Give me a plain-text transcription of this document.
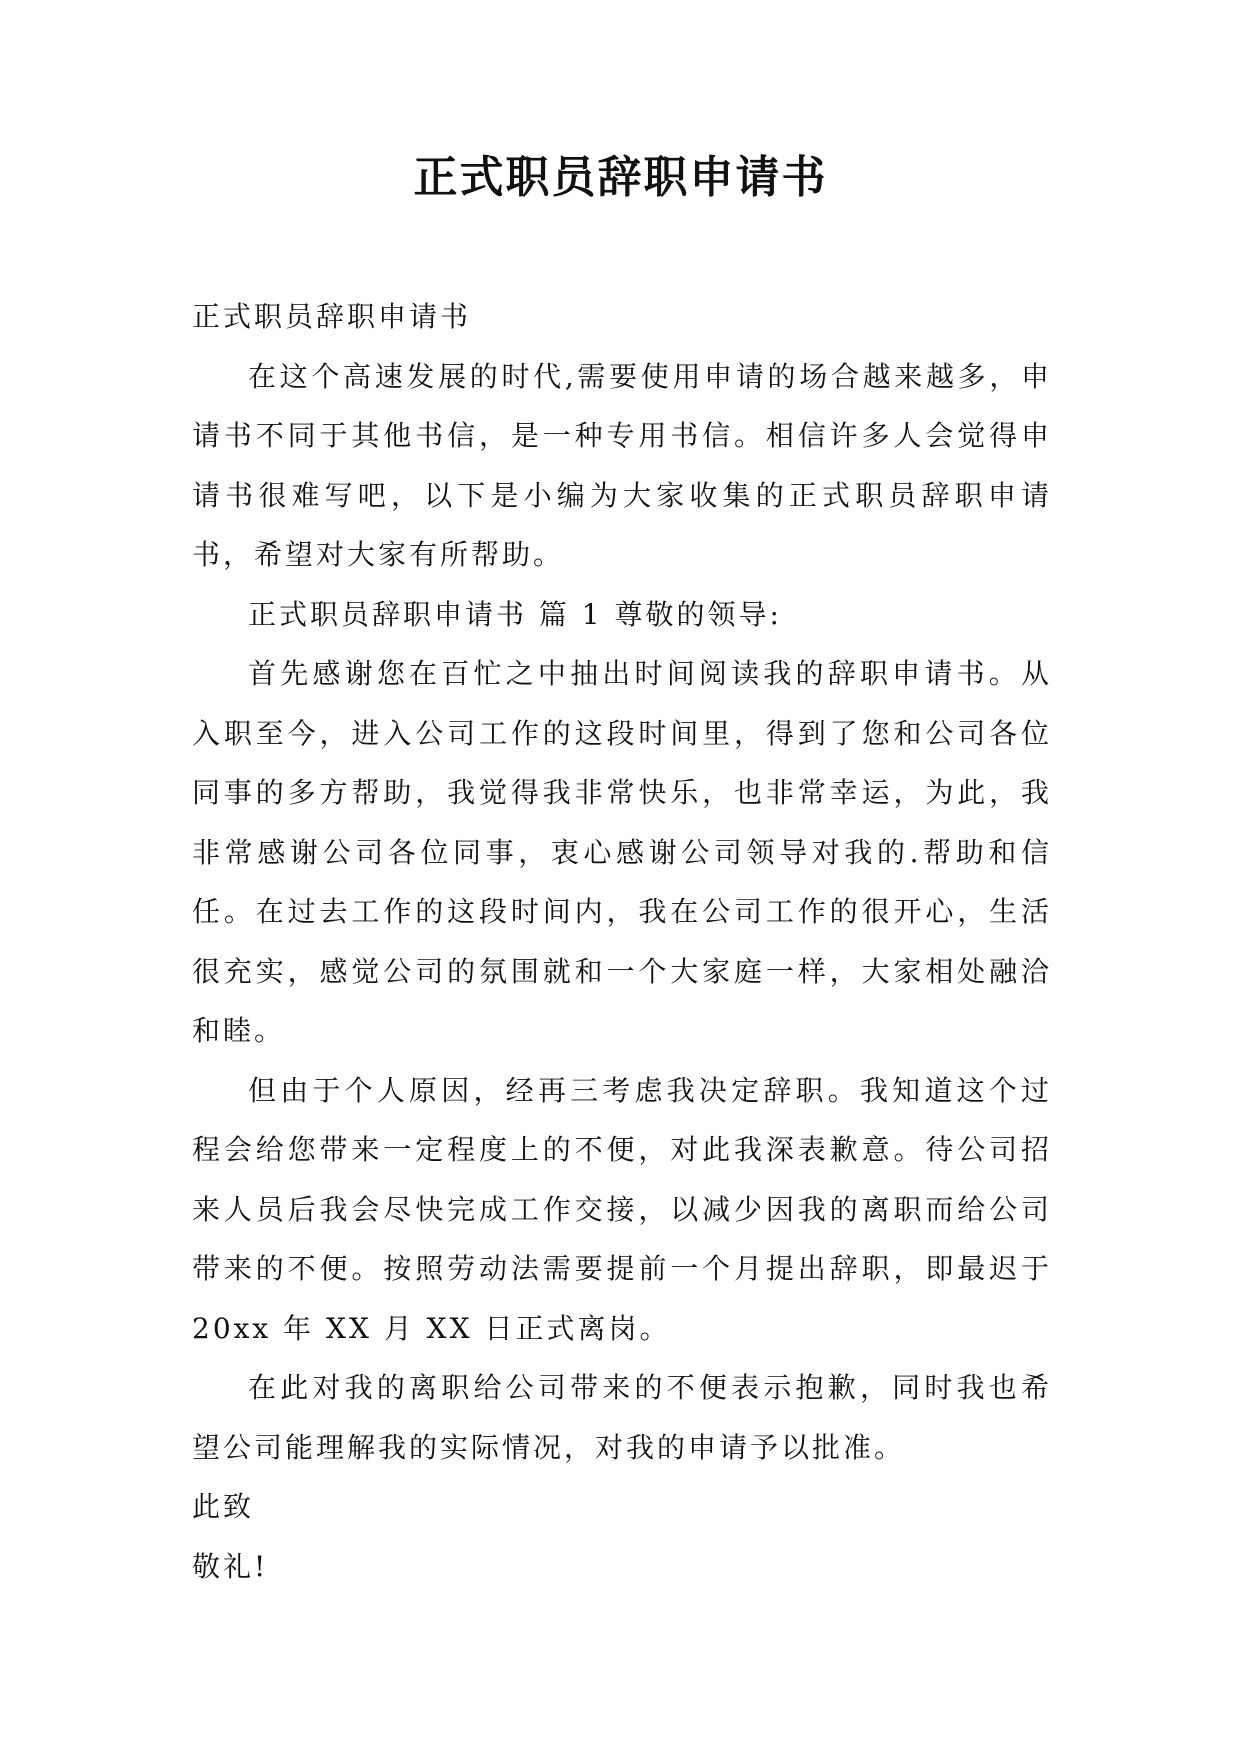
正式职员辞职申请书

正式职员辞职申请书

在这个高速发展的时代,需要使用申请的场合越来越多，申请书不同于其他书信，是一种专用书信。相信许多人会觉得申请书很难写吧，以下是小编为大家收集的正式职员辞职申请书，希望对大家有所帮助。

正式职员辞职申请书 篇 1 尊敬的领导:

首先感谢您在百忙之中抽出时间阅读我的辞职申请书。从入职至今，进入公司工作的这段时间里，得到了您和公司各位同事的多方帮助，我觉得我非常快乐，也非常幸运，为此，我非常感谢公司各位同事，衷心感谢公司领导对我的.帮助和信任。在过去工作的这段时间内，我在公司工作的很开心，生活很充实，感觉公司的氛围就和一个大家庭一样，大家相处融洽和睦。

但由于个人原因，经再三考虑我决定辞职。我知道这个过程会给您带来一定程度上的不便，对此我深表歉意。待公司招来人员后我会尽快完成工作交接，以减少因我的离职而给公司带来的不便。按照劳动法需要提前一个月提出辞职，即最迟于 20xx 年 XX 月 XX 日正式离岗。

在此对我的离职给公司带来的不便表示抱歉，同时我也希望公司能理解我的实际情况，对我的申请予以批准。

此致

敬礼!
